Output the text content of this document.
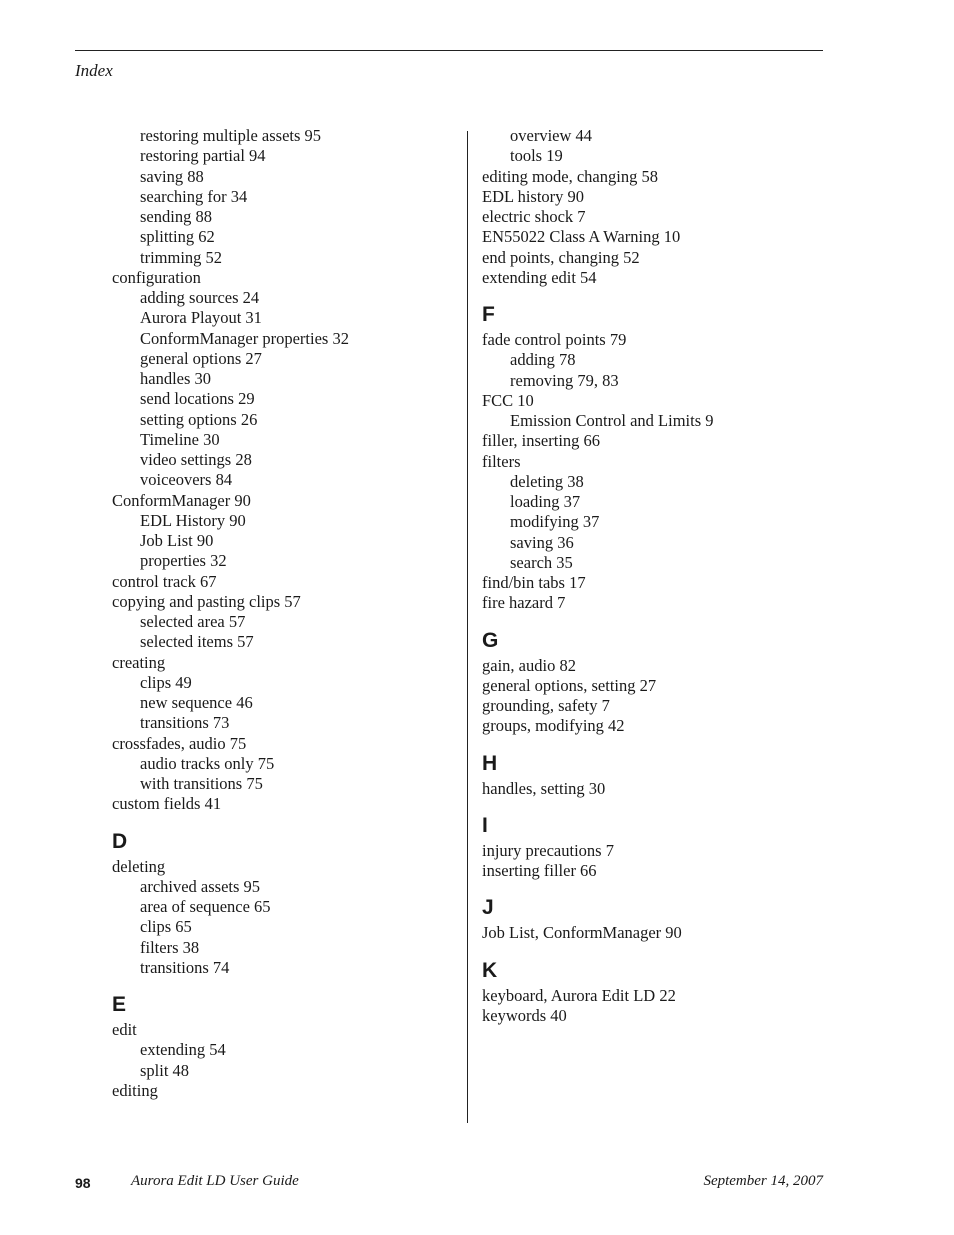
Index
restoring multiple assets 95
restoring partial 94
saving 88
searching for 34
sending 88
splitting 62
trimming 52
configuration
adding sources 24
Aurora Playout 31
ConformManager properties 32
general options 27
handles 30
send locations 29
setting options 26
Timeline 30
video settings 28
voiceovers 84
ConformManager 90
EDL History 90
Job List 90
properties 32
control track 67
copying and pasting clips 57
selected area 57
selected items 57
creating
clips 49
new sequence 46
transitions 73
crossfades, audio 75
audio tracks only 75
with transitions 75
custom fields 41
D
deleting
archived assets 95
area of sequence 65
clips 65
filters 38
transitions 74
E
edit
extending 54
split 48
editing
overview 44
tools 19
editing mode, changing 58
EDL history 90
electric shock 7
EN55022 Class A Warning 10
end points, changing 52
extending edit 54
F
fade control points 79
adding 78
removing 79, 83
FCC 10
Emission Control and Limits 9
filler, inserting 66
filters
deleting 38
loading 37
modifying 37
saving 36
search 35
find/bin tabs 17
fire hazard 7
G
gain, audio 82
general options, setting 27
grounding, safety 7
groups, modifying 42
H
handles, setting 30
I
injury precautions 7
inserting filler 66
J
Job List, ConformManager 90
K
keyboard, Aurora Edit LD 22
keywords 40
98	Aurora Edit LD User Guide	September 14, 2007
